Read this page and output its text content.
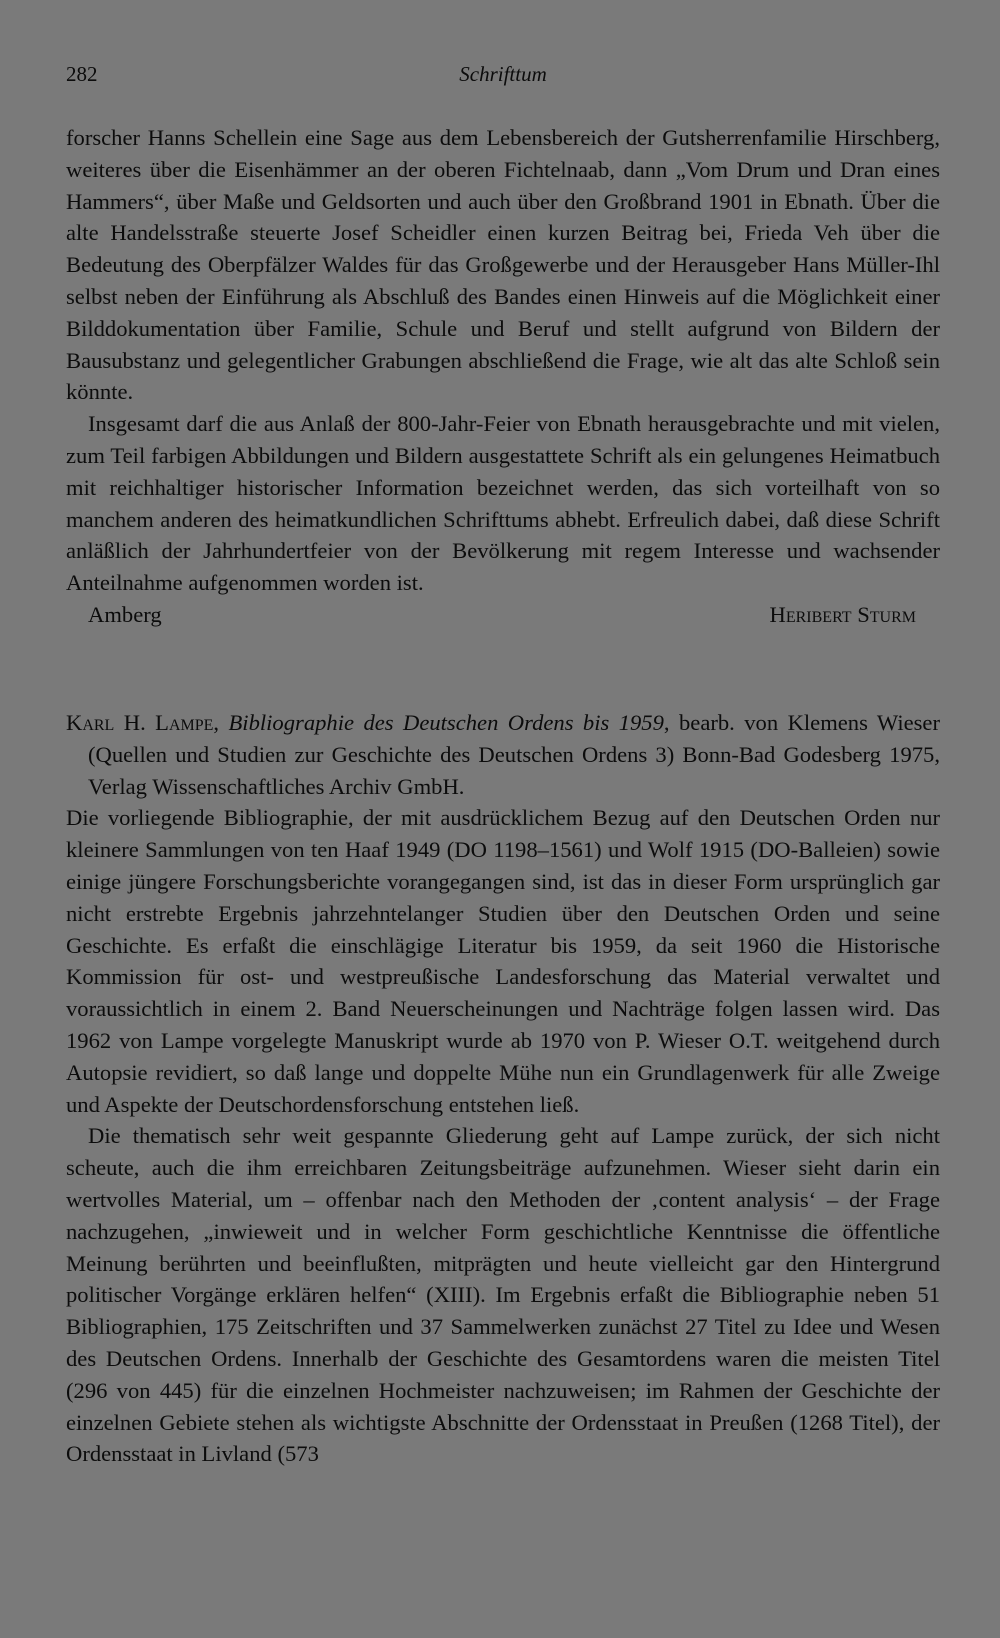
282	Schrifttum

forscher Hanns Schellein eine Sage aus dem Lebensbereich der Gutsherrenfamilie Hirschberg, weiteres über die Eisenhämmer an der oberen Fichtelnaab, dann „Vom Drum und Dran eines Hammers“, über Maße und Geldsorten und auch über den Großbrand 1901 in Ebnath. Über die alte Handelsstraße steuerte Josef Scheidler einen kurzen Beitrag bei, Frieda Veh über die Bedeutung des Oberpfälzer Waldes für das Großgewerbe und der Herausgeber Hans Müller-Ihl selbst neben der Einführung als Abschluß des Bandes einen Hinweis auf die Möglichkeit einer Bilddokumentation über Familie, Schule und Beruf und stellt aufgrund von Bildern der Bausubstanz und gelegentlicher Grabungen abschließend die Frage, wie alt das alte Schloß sein könnte.

Insgesamt darf die aus Anlaß der 800-Jahr-Feier von Ebnath herausgebrachte und mit vielen, zum Teil farbigen Abbildungen und Bildern ausgestattete Schrift als ein gelungenes Heimatbuch mit reichhaltiger historischer Information bezeichnet werden, das sich vorteilhaft von so manchem anderen des heimatkundlichen Schrifttums abhebt. Erfreulich dabei, daß diese Schrift anläßlich der Jahrhundertfeier von der Bevölkerung mit regem Interesse und wachsender Anteilnahme aufgenommen worden ist.

Amberg	Heribert Sturm

Karl H. Lampe, Bibliographie des Deutschen Ordens bis 1959, bearb. von Klemens Wieser (Quellen und Studien zur Geschichte des Deutschen Ordens 3) Bonn-Bad Godesberg 1975, Verlag Wissenschaftliches Archiv GmbH.

Die vorliegende Bibliographie, der mit ausdrücklichem Bezug auf den Deutschen Orden nur kleinere Sammlungen von ten Haaf 1949 (DO 1198–1561) und Wolf 1915 (DO-Balleien) sowie einige jüngere Forschungsberichte vorangegangen sind, ist das in dieser Form ursprünglich gar nicht erstrebte Ergebnis jahrzehntelanger Studien über den Deutschen Orden und seine Geschichte. Es erfaßt die einschlägige Literatur bis 1959, da seit 1960 die Historische Kommission für ost- und westpreußische Landesforschung das Material verwaltet und voraussichtlich in einem 2. Band Neuerscheinungen und Nachträge folgen lassen wird. Das 1962 von Lampe vorgelegte Manuskript wurde ab 1970 von P. Wieser O.T. weitgehend durch Autopsie revidiert, so daß lange und doppelte Mühe nun ein Grundlagenwerk für alle Zweige und Aspekte der Deutschordensforschung entstehen ließ.

Die thematisch sehr weit gespannte Gliederung geht auf Lampe zurück, der sich nicht scheute, auch die ihm erreichbaren Zeitungsbeiträge aufzunehmen. Wieser sieht darin ein wertvolles Material, um – offenbar nach den Methoden der ‚content analysis‘ – der Frage nachzugehen, „inwieweit und in welcher Form geschichtliche Kenntnisse die öffentliche Meinung berührten und beeinflußten, mitprägten und heute vielleicht gar den Hintergrund politischer Vorgänge erklären helfen“ (XIII). Im Ergebnis erfaßt die Bibliographie neben 51 Bibliographien, 175 Zeitschriften und 37 Sammelwerken zunächst 27 Titel zu Idee und Wesen des Deutschen Ordens. Innerhalb der Geschichte des Gesamtordens waren die meisten Titel (296 von 445) für die einzelnen Hochmeister nachzuweisen; im Rahmen der Geschichte der einzelnen Gebiete stehen als wichtigste Abschnitte der Ordensstaat in Preußen (1268 Titel), der Ordensstaat in Livland (573
